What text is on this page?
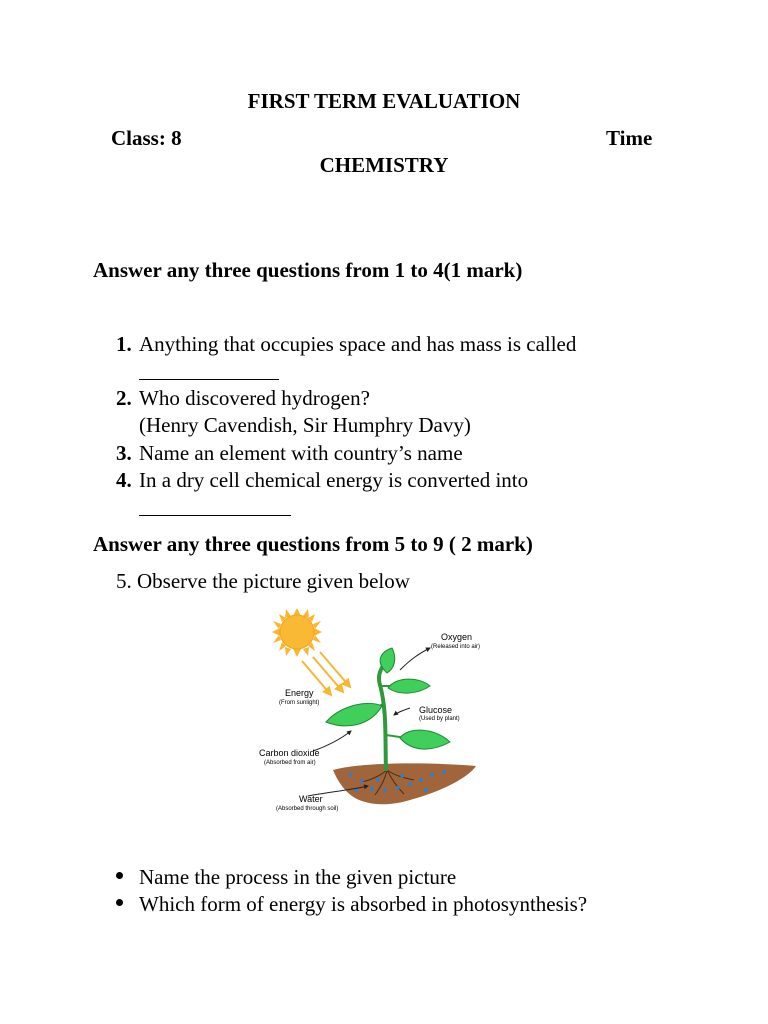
FIRST TERM EVALUATION
Class: 8	Time
CHEMISTRY
Answer any three questions from 1 to 4(1 mark)
1. Anything that occupies space and has mass is called
2. Who discovered hydrogen?
(Henry Cavendish, Sir Humphry Davy)
3. Name an element with country’s name
4. In a dry cell chemical energy is converted into
Answer any three questions from 5 to 9 ( 2 mark)
5. Observe the picture given below
Oxygen
(Released into air)
Energy
(From sunlight)
Glucose
(Used by plant)
Carbon dioxide
(Absorbed from air)
Water
(Absorbed through soil)
Name the process in the given picture
Which form of energy is absorbed in photosynthesis?
